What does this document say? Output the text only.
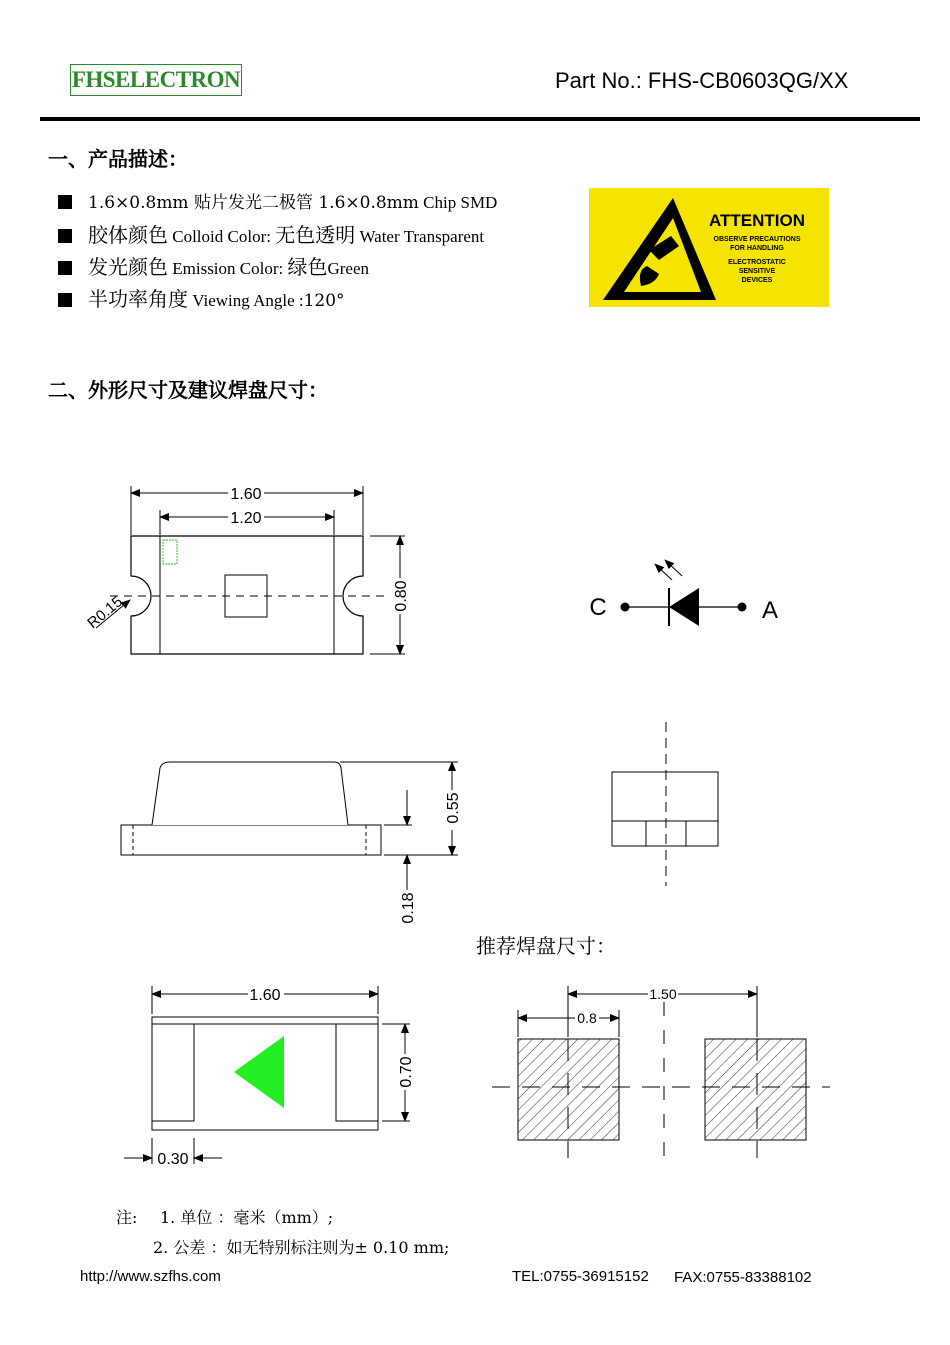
FHSELECTRON	Part No.: FHS-CB0603QG/XX
一、产品描述：
1.6×0.8mm 贴片发光二极管 1.6×0.8mm Chip SMD
胶体颜色 Colloid Color: 无色透明 Water Transparent
发光颜色 Emission Color: 绿色Green
半功率角度 Viewing Angle :120°
ATTENTION
OBSERVE PRECAUTIONS
FOR HANDLING
ELECTROSTATIC
SENSITIVE
DEVICES
二、外形尺寸及建议焊盘尺寸：
1.60
1.20
0.80
R0.15	C	A
0.55
0.18
1.60
0.70
0.30
1.50
0.8
推荐焊盘尺寸：
注: 1. 单位 ：毫米（mm）;
2. 公差 ：如无特别标注则为± 0.10 mm;
http://www.szfhs.com	TEL:0755-36915152 FAX:0755-83388102
